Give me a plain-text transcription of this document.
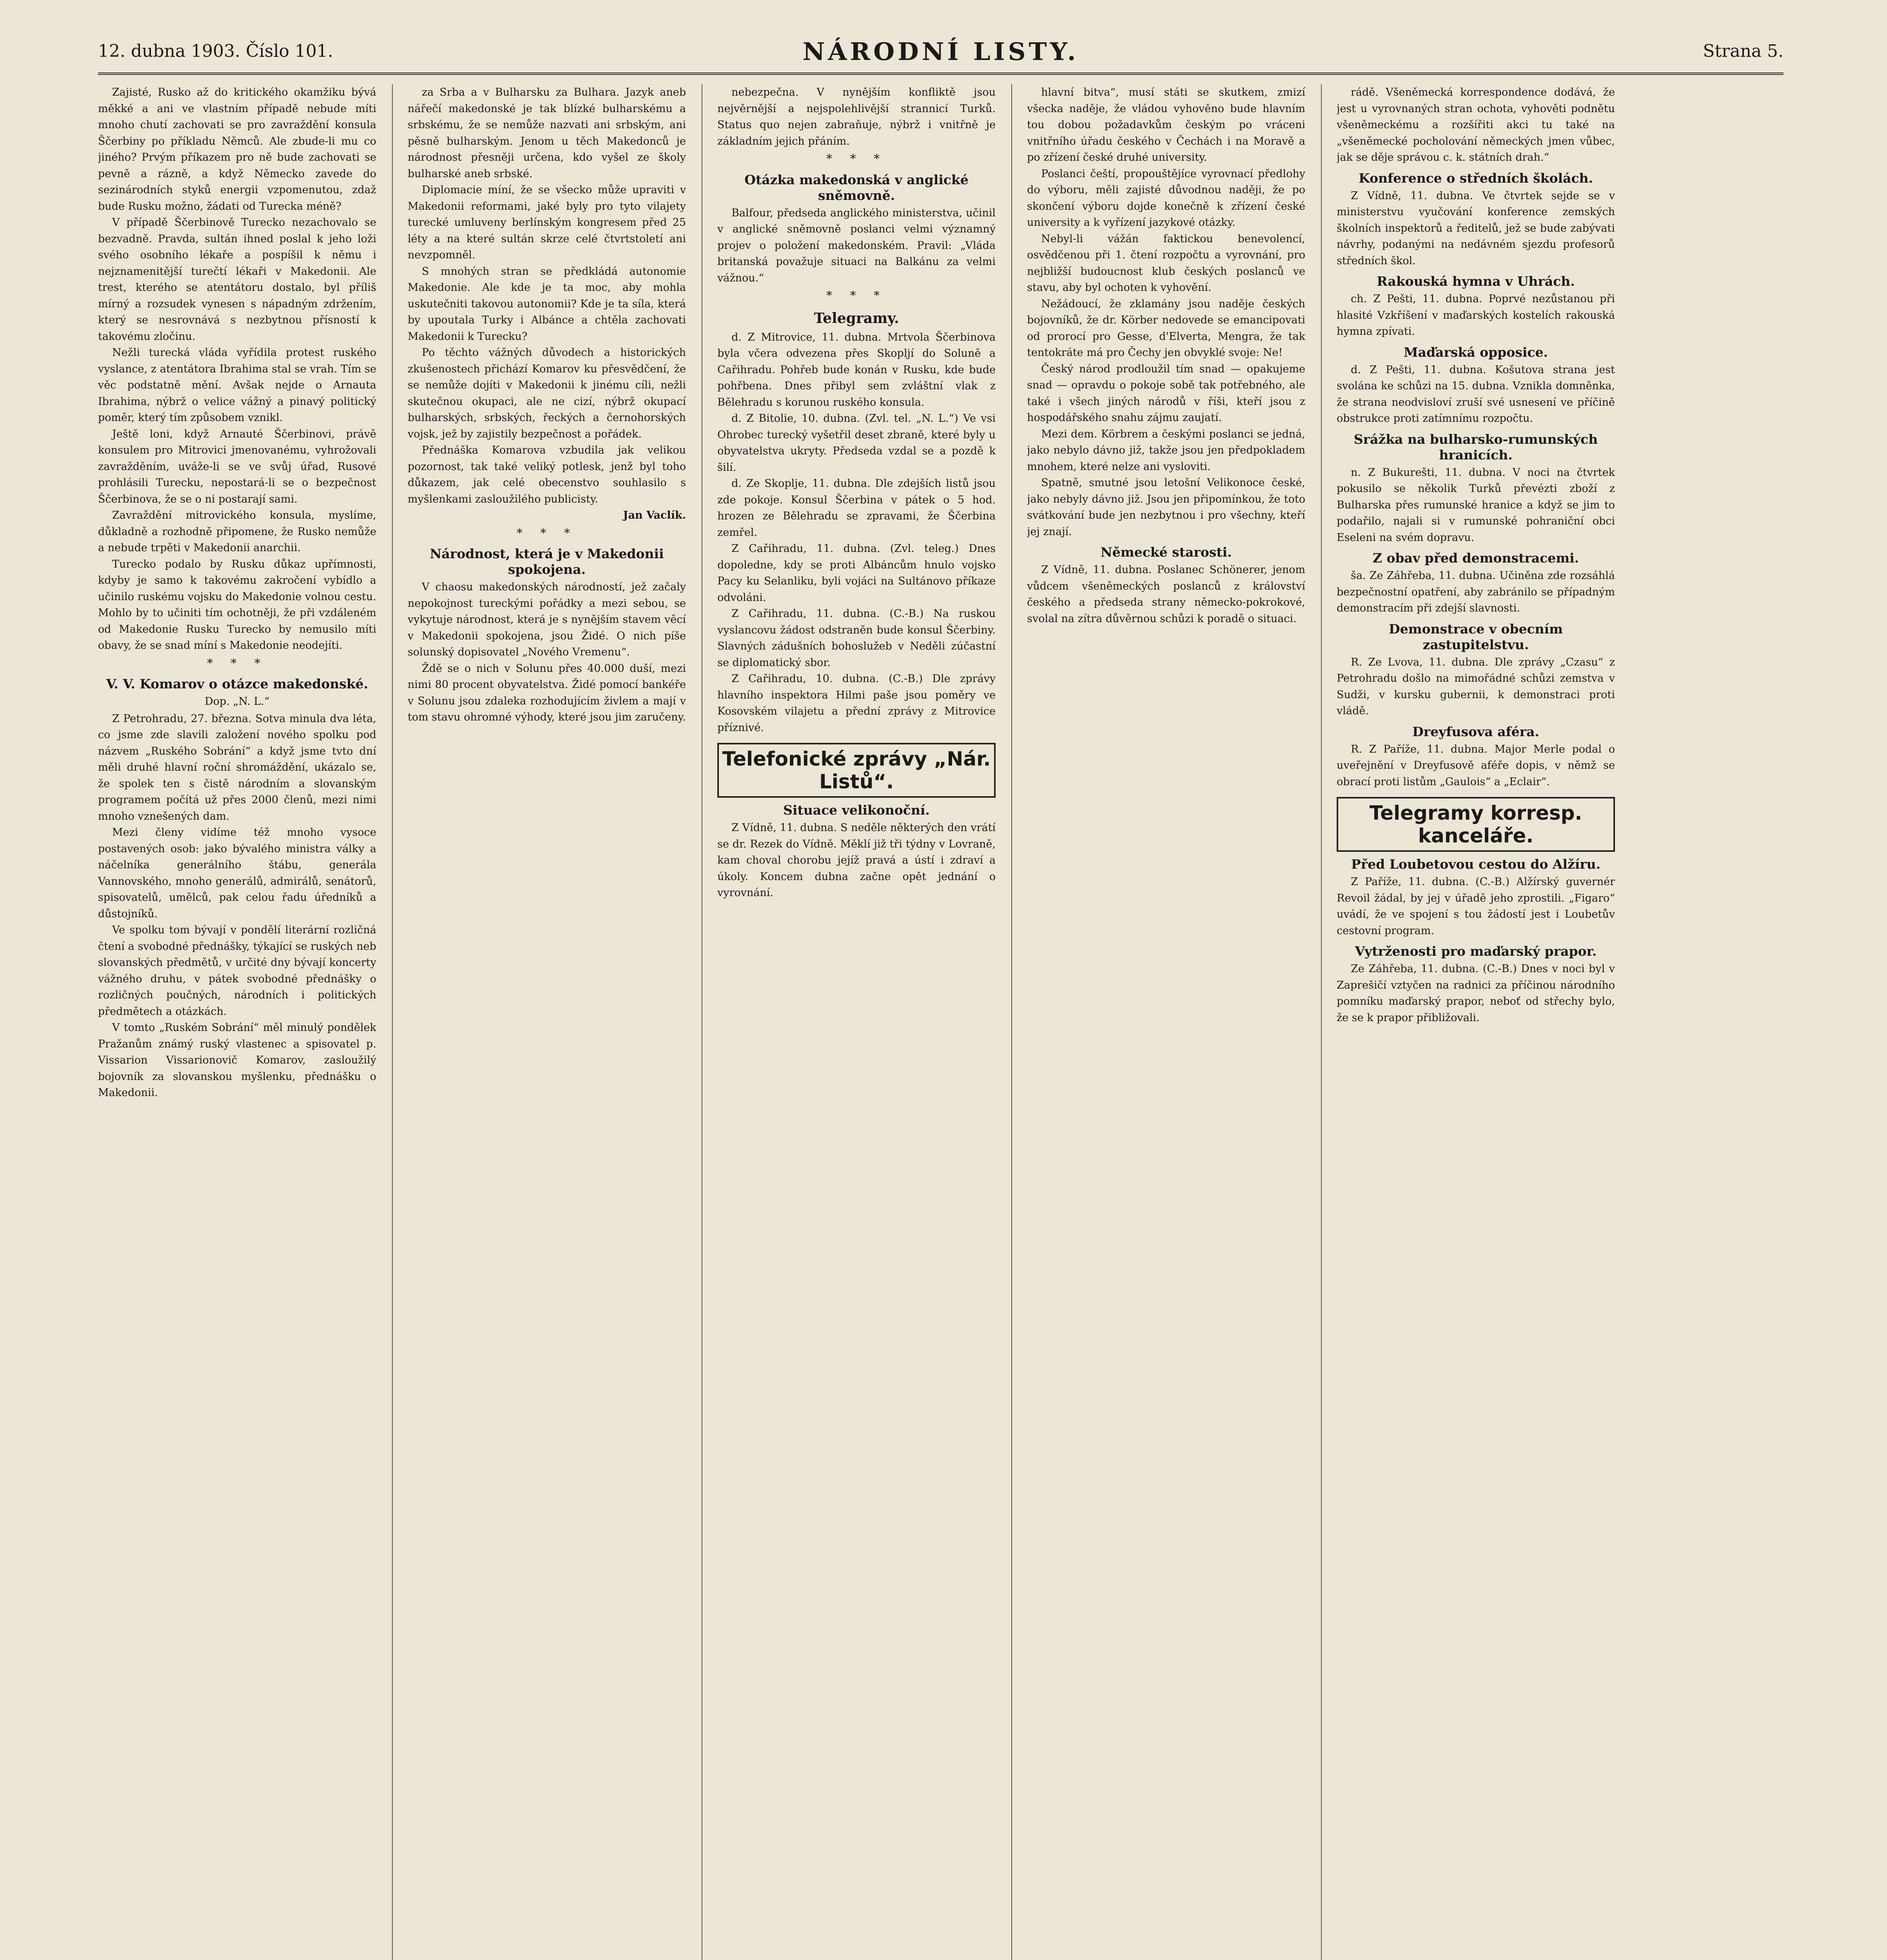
12. dubna 1903. Číslo 101.	NÁRODNÍ LISTY.	Strana 5.

Zajisté, Rusko až do kritického okamžiku bývá měkké a ani ve vlastním případě nebude míti mnoho chutí zachovati se pro zavraždění konsula Ščerbiny po příkladu Němců. Ale zbude-li mu co jiného? Prvým příkazem pro ně bude zachovati se pevně a rázně, a když Německo zavede do sezinárodních styků energii vzpomenutou, zdaž bude Rusku možno, žádati od Turecka méně?

V případě Ščerbinově Turecko nezachovalo se bezvadně. Pravda, sultán ihned poslal k jeho loži svého osobního lékaře a pospíšil k němu i nejznamenitější turečtí lékaři v Makedonii. Ale trest, kterého se atentátoru dostalo, byl příliš mírný a rozsudek vynesen s nápadným zdržením, který se nesrovnává s nezbytnou přísností k takovému zločinu.

Nežli turecká vláda vyřídila protest ruského vyslance, z atentátora Ibrahima stal se vrah. Tím se věc podstatně mění. Avšak nejde o Arnauta Ibrahima, nýbrž o velice vážný a pinavý politický poměr, který tím způsobem vznikl.

Ještě loni, když Arnauté Ščerbinovi, právě konsulem pro Mitrovici jmenovanému, vyhrožovali zavražděním, uváže-li se ve svůj úřad, Rusové prohlásili Turecku, nepostará-li se o bezpečnost Ščerbinova, že se o ni postarají sami.

Zavraždění mitrovického konsula, myslíme, důkladně a rozhodně připomene, že Rusko nemůže a nebude trpěti v Makedonii anarchii.

Turecko podalo by Rusku důkaz upřímnosti, kdyby je samo k takovému zakročení vybídlo a učinilo ruskému vojsku do Makedonie volnou cestu. Mohlo by to učiniti tím ochotněji, že při vzdáleném od Makedonie Rusku Turecko by nemusilo míti obavy, že se snad míní s Makedonie neodejíti.

* * *
V. V. Komarov o otázce makedonské.
Dop. „N. L.“

Z Petrohradu, 27. března. Sotva minula dva léta, co jsme zde slavili založení nového spolku pod názvem „Ruského Sobrání“ a když jsme tvto dní měli druhé hlavní roční shromáždění, ukázalo se, že spolek ten s čistě národním a slovanským programem počítá už přes 2000 členů, mezi nimi mnoho vznešených dam.

Mezi členy vidíme též mnoho vysoce postavených osob: jako bývalého ministra války a náčelníka generálního štábu, generála Vannovského, mnoho generálů, admirálů, senátorů, spisovatelů, umělců, pak celou řadu úředníků a důstojníků.

Ve spolku tom bývají v pondělí literární rozličná čtení a svobodné přednášky, týkající se ruských neb slovanských předmětů, v určité dny bývají koncerty vážného druhu, v pátek svobodné přednášky o rozličných poučných, národních i politických předmětech a otázkách.

V tomto „Ruském Sobrání“ měl minulý pondělek Pražanům známý ruský vlastenec a spisovatel p. Vissarion Vissarionovič Komarov, zasloužilý bojovník za slovanskou myšlenku, přednášku o Makedonii.

za Srba a v Bulharsku za Bulhara. Jazyk aneb nářečí makedonské je tak blízké bulharskému a srbskému, že se nemůže nazvati ani srbským, ani pěsně bulharským. Jenom u těch Makedonců je národnost přesněji určena, kdo vyšel ze školy bulharské aneb srbské.

Diplomacie míní, že se všecko může upraviti v Makedonii reformami, jaké byly pro tyto vilajety turecké umluveny berlínským kongresem před 25 léty a na které sultán skrze celé čtvrtstoletí ani nevzpomněl.

S mnohých stran se předkládá autonomie Makedonie. Ale kde je ta moc, aby mohla uskutečniti takovou autonomii? Kde je ta síla, která by upoutala Turky i Albánce a chtěla zachovati Makedonii k Turecku?

Po těchto vážných důvodech a historických zkušenostech přichází Komarov ku přesvědčení, že se nemůže dojíti v Makedonii k jinému cíli, nežli skutečnou okupaci, ale ne cizí, nýbrž okupací bulharských, srbských, řeckých a černohorských vojsk, jež by zajistily bezpečnost a pořádek.

Přednáška Komarova vzbudila jak velikou pozornost, tak také veliký potlesk, jenž byl toho důkazem, jak celé obecenstvo souhlasilo s myšlenkami zasloužilého publicisty.

Jan Vaclík.
* * *
Národnost, která je v Makedonii spokojena.

V chaosu makedonských národností, jež začaly nepokojnost tureckými pořádky a mezi sebou, se vykytuje národnost, která je s nynějším stavem věcí v Makedonii spokojena, jsou Židé. O nich píše solunský dopisovatel „Nového Vremenu“.

Ždě se o nich v Solunu přes 40.000 duší, mezi nimi 80 procent obyvatelstva. Židé pomocí bankéře v Solunu jsou zdaleka rozhodujícím živlem a mají v tom stavu ohromné výhody, které jsou jim zaručeny.

nebezpečna. V nynějším konfliktě jsou nejvěrnější a nejspolehlivější strannicí Turků. Status quo nejen zabraňuje, nýbrž i vnitřně je základním jejich přáním.

* * *
Otázka makedonská v anglické sněmovně.

Balfour, předseda anglického ministerstva, učinil v anglické sněmovně poslanci velmi významný projev o položení makedonském. Pravil: „Vláda britanská považuje situaci na Balkánu za velmi vážnou.“

* * *
Telegramy.

d. Z Mitrovice, 11. dubna. Mrtvola Ščerbinova byla včera odvezena přes Skopljí do Soluně a Cařihradu. Pohřeb bude konán v Rusku, kde bude pohřbena. Dnes přibyl sem zvláštní vlak z Bělehradu s korunou ruského konsula.

d. Z Bitolie, 10. dubna. (Zvl. tel. „N. L.“) Ve vsi Ohrobec turecký vyšetřil deset zbraně, které byly u obyvatelstva ukryty. Předseda vzdal se a pozdě k šilí.

d. Ze Skoplje, 11. dubna. Dle zdejších listů jsou zde pokoje. Konsul Ščerbina v pátek o 5 hod. hrozen ze Bělehradu se zpravami, že Ščerbina zemřel.

Z Cařihradu, 11. dubna. (Zvl. teleg.) Dnes dopoledne, kdy se proti Albáncům hnulo vojsko Pacy ku Selanliku, byli vojáci na Sultánovo příkaze odvoláni.

Z Cařihradu, 11. dubna. (C.-B.) Na ruskou vyslancovu žádost odstraněn bude konsul Ščerbiny. Slavných zádušních bohoslužeb v Neděli zúčastní se diplomatický sbor.

Z Cařihradu, 10. dubna. (C.-B.) Dle zprávy hlavního inspektora Hilmi paše jsou poměry ve Kosovském vilajetu a přední zprávy z Mitrovice příznivé.

Telefonické zprávy „Nár. Listů“.
Situace velikonoční.

Z Vídně, 11. dubna. S neděle některých den vrátí se dr. Rezek do Vídně. Měklí již tři týdny v Lovraně, kam choval chorobu jejíž pravá a ústí i zdraví a úkoly. Koncem dubna začne opět jednání o vyrovnání.

hlavní bitva“, musí státi se skutkem, zmizí všecka naděje, že vládou vyhověno bude hlavním tou dobou požadavkům českým po vráceni vnitřního úřadu českého v Čechách i na Moravě a po zřízení české druhé university.

Poslanci čeští, propouštějíce vyrovnací předlohy do výboru, měli zajisté důvodnou naději, že po skončení výboru dojde konečně k zřízení české university a k vyřízení jazykové otázky.

Nebyl-li vážán faktickou benevolencí, osvědčenou při 1. čtení rozpočtu a vyrovnání, pro nejbližší budoucnost klub českých poslanců ve stavu, aby byl ochoten k vyhovění.

Nežádoucí, že zklamány jsou naděje českých bojovníků, že dr. Körber nedovede se emancipovati od prorocí pro Gesse, d'Elverta, Mengra, že tak tentokráte má pro Čechy jen obvyklé svoje: Ne!

Český národ prodloužil tím snad — opakujeme snad — opravdu o pokoje sobě tak potřebného, ale také i všech jiných národů v říši, kteří jsou z hospodářského snahu zájmu zaujatí.

Mezi dem. Körbrem a českými poslanci se jedná, jako nebylo dávno již, takže jsou jen předpokladem mnohem, které nelze ani vysloviti.

Spatně, smutné jsou letošní Velikonoce české, jako nebyly dávno již. Jsou jen připomínkou, že toto svátkování bude jen nezbytnou i pro všechny, kteří jej znají.

Německé starosti.

Z Vídně, 11. dubna. Poslanec Schönerer, jenom vůdcem všeněmeckých poslanců z království českého a předseda strany německo-pokrokové, svolal na zítra důvěrnou schůzi k poradě o situaci.

rádě. Všeněmecká korrespondence dodává, že jest u vyrovnaných stran ochota, vyhověti podnětu všeněmeckému a rozšířiti akci tu také na „všeněmecké pocholování německých jmen vůbec, jak se děje správou c. k. státních drah.“

Konference o středních školách.

Z Vídně, 11. dubna. Ve čtvrtek sejde se v ministerstvu vyučování konference zemských školních inspektorů a ředitelů, jež se bude zabývati návrhy, podanými na nedávném sjezdu profesorů středních škol.

Rakouská hymna v Uhrách.

ch. Z Pešti, 11. dubna. Poprvé nezůstanou při hlasité Vzkříšení v maďarských kostelích rakouská hymna zpívati.

Maďarská opposice.

d. Z Pešti, 11. dubna. Košutova strana jest svolána ke schůzi na 15. dubna. Vznikla domněnka, že strana neodvisloví zruší své usnesení ve příčině obstrukce proti zatímnímu rozpočtu.

Srážka na bulharsko-rumunských hranicích.

n. Z Bukurešti, 11. dubna. V noci na čtvrtek pokusilo se několik Turků převézti zboží z Bulharska přes rumunské hranice a když se jim to podařilo, najali si v rumunské pohraniční obci Eseleni na svém dopravu.

Z obav před demonstracemi.

ša. Ze Záhřeba, 11. dubna. Učiněna zde rozsáhlá bezpečnostní opatření, aby zabránilo se případným demonstracím při zdejší slavnosti.

Demonstrace v obecním zastupitelstvu.

R. Ze Lvova, 11. dubna. Dle zprávy „Czasu“ z Petrohradu došlo na mimořádné schůzi zemstva v Sudži, v kursku gubernii, k demonstraci proti vládě.

Dreyfusova aféra.

R. Z Paříže, 11. dubna. Major Merle podal o uveřejnění v Dreyfusově aféře dopis, v němž se obrací proti listům „Gaulois“ a „Eclair“.

Telegramy korresp. kanceláře.
Před Loubetovou cestou do Alžíru.

Z Paříže, 11. dubna. (C.-B.) Alžírský guvernér Revoil žádal, by jej v úřadě jeho zprostili. „Figaro“ uvádí, že ve spojení s tou žádostí jest i Loubetův cestovní program.

Vytrženosti pro maďarský prapor.

Ze Záhřeba, 11. dubna. (C.-B.) Dnes v noci byl v Zaprešičí vztyčen na radnici za příčinou národního pomníku maďarský prapor, neboť od střechy bylo, že se k prapor přibližovali.
